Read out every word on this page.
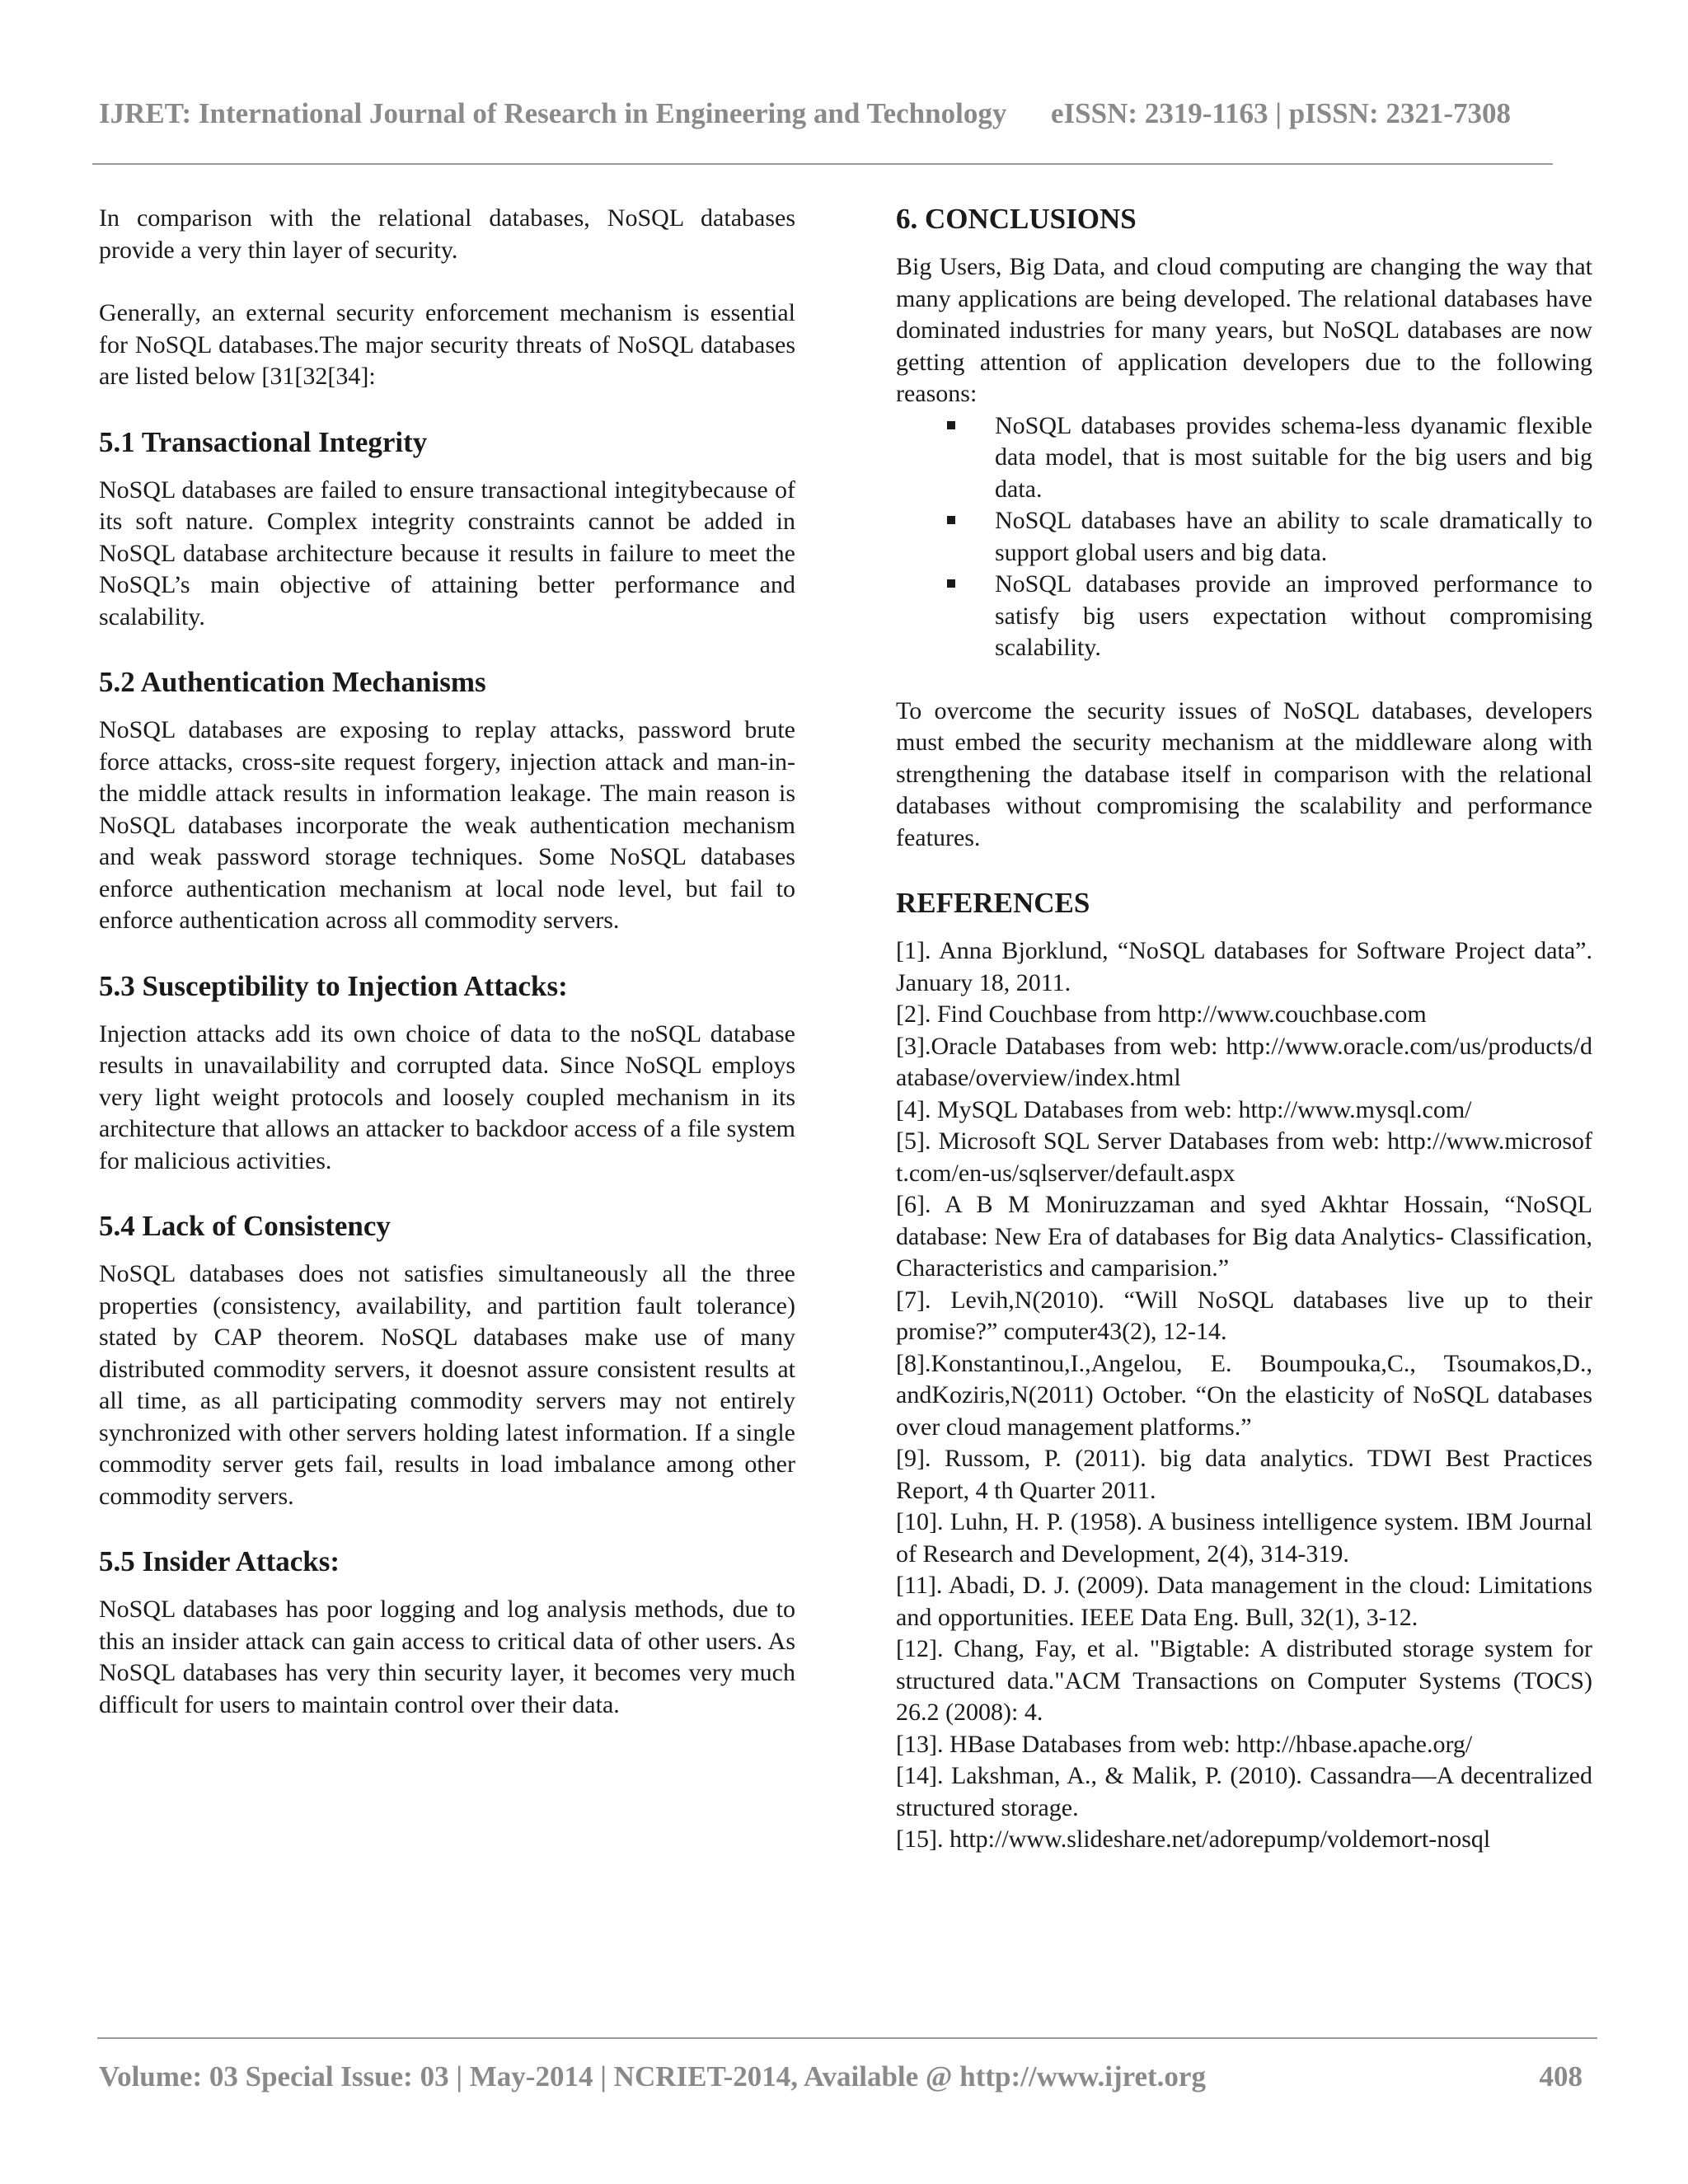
IJRET: International Journal of Research in Engineering and Technology eISSN: 2319-1163 | pISSN: 2321-7308

In comparison with the relational databases, NoSQL databases provide a very thin layer of security.

Generally, an external security enforcement mechanism is essential for NoSQL databases.The major security threats of NoSQL databases are listed below [31[32[34]:

5.1 Transactional Integrity

NoSQL databases are failed to ensure transactional integitybecause of its soft nature. Complex integrity constraints cannot be added in NoSQL database architecture because it results in failure to meet the NoSQL’s main objective of attaining better performance and scalability.

5.2 Authentication Mechanisms

NoSQL databases are exposing to replay attacks, password brute force attacks, cross-site request forgery, injection attack and man-in-the middle attack results in information leakage. The main reason is NoSQL databases incorporate the weak authentication mechanism and weak password storage techniques. Some NoSQL databases enforce authentication mechanism at local node level, but fail to enforce authentication across all commodity servers.

5.3 Susceptibility to Injection Attacks:

Injection attacks add its own choice of data to the noSQL database results in unavailability and corrupted data. Since NoSQL employs very light weight protocols and loosely coupled mechanism in its architecture that allows an attacker to backdoor access of a file system for malicious activities.

5.4 Lack of Consistency

NoSQL databases does not satisfies simultaneously all the three properties (consistency, availability, and partition fault tolerance) stated by CAP theorem. NoSQL databases make use of many distributed commodity servers, it doesnot assure consistent results at all time, as all participating commodity servers may not entirely synchronized with other servers holding latest information. If a single commodity server gets fail, results in load imbalance among other commodity servers.

5.5 Insider Attacks:

NoSQL databases has poor logging and log analysis methods, due to this an insider attack can gain access to critical data of other users. As NoSQL databases has very thin security layer, it becomes very much difficult for users to maintain control over their data.

6. CONCLUSIONS

Big Users, Big Data, and cloud computing are changing the way that many applications are being developed. The relational databases have dominated industries for many years, but NoSQL databases are now getting attention of application developers due to the following reasons:

NoSQL databases provides schema-less dyanamic flexible data model, that is most suitable for the big users and big data.
NoSQL databases have an ability to scale dramatically to support global users and big data.
NoSQL databases provide an improved performance to satisfy big users expectation without compromising scalability.

To overcome the security issues of NoSQL databases, developers must embed the security mechanism at the middleware along with strengthening the database itself in comparison with the relational databases without compromising the scalability and performance features.

REFERENCES

[1]. Anna Bjorklund, “NoSQL databases for Software Project data”. January 18, 2011.

[2]. Find Couchbase from http://www.couchbase.com

[3].Oracle Databases from web: http://www.oracle.com/us/products/database/overview/index.html

[4]. MySQL Databases from web: http://www.mysql.com/

[5]. Microsoft SQL Server Databases from web: http://www.microsoft.com/en-us/sqlserver/default.aspx

[6]. A B M Moniruzzaman and syed Akhtar Hossain, “NoSQL database: New Era of databases for Big data Analytics- Classification, Characteristics and camparision.”

[7]. Levih,N(2010). “Will NoSQL databases live up to their promise?” computer43(2), 12-14.

[8].Konstantinou,I.,Angelou, E. Boumpouka,C., Tsoumakos,D., andKoziris,N(2011) October. “On the elasticity of NoSQL databases over cloud management platforms.”

[9]. Russom, P. (2011). big data analytics. TDWI Best Practices Report, 4 th Quarter 2011.

[10]. Luhn, H. P. (1958). A business intelligence system. IBM Journal of Research and Development, 2(4), 314-319.

[11]. Abadi, D. J. (2009). Data management in the cloud: Limitations and opportunities. IEEE Data Eng. Bull, 32(1), 3-12.

[12]. Chang, Fay, et al. "Bigtable: A distributed storage system for structured data."ACM Transactions on Computer Systems (TOCS) 26.2 (2008): 4.

[13]. HBase Databases from web: http://hbase.apache.org/

[14]. Lakshman, A., & Malik, P. (2010). Cassandra—A decentralized structured storage.

[15]. http://www.slideshare.net/adorepump/voldemort-nosql

Volume: 03 Special Issue: 03 | May-2014 | NCRIET-2014, Available @ http://www.ijret.org	408
